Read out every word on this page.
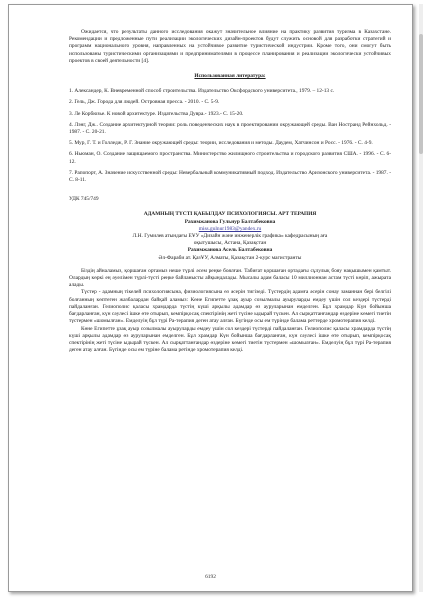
Ожидается, что результаты данного исследования окажут значительное влияние на практику развития туризма в Казахстане. Рекомендации и предложенные пути реализации экологических дизайн-проектов будут служить основой для разработки стратегий и программ национального уровня, направленных на устойчивое развитие туристической индустрии. Кроме того, они смогут быть использованы туристическими организациями и предпринимателями в процессе планирования и реализации экологически устойчивых проектов в своей деятельности [4].

Использованная литература:

1. Александер, К. Вневременной способ строительства. Издательство Оксфордского университета., 1979. – 12-13 с.

2. Гель, Дж. Города для людей. Островная пресса. - 2010. - С. 5-9.

3. Ле Корбюзье. К новой архитектуре. Издательства Дувра.- 1923.- С. 15-20.

4. Лэнг, Дж.. Создание архитектурной теории: роль поведенческих наук в проектировании окружающей среды. Ван Ностранд Рейнхольд. - 1987. - С. 20-21.

5. Мур, Г. Т. и Голледж, Р. Г. Знание окружающей среды: теории, исследования и методы. Даудем, Хатчинсон и Росс. - 1976. - С. 4-9.

6. Ньюман, О. Создание защищаемого пространства. Министерство жилищного строительства и городского развития США. - 1996. - С. 6-12.

7. Рапопорт, А. Значение искусственной среды: Невербальный коммуникативный подход. Издательство Аризонского университета. - 1987. - С. 8-11.

УДК 745/749
АДАМНЫҢ ТҮСТІ ҚАБЫЛДАУ ПСИХОЛОГИЯСЫ. АРТ ТЕРАПИЯ
Рахимжанова Гульнур Балтабековна
miss.gulnur1983@yandex.ru
Л.Н. Гумилев атындағы ЕҰУ «Дизайн және инженерлік графика» кафедрасының аға
оқытушысы, Астана, Қазақстан
Рахимжанова Асель Балтабековна
Әл-Фараби ат. ҚазҰУ, Алматы, Қазақстан 2-курс магистранты

Біздің айналамыз, қоршаған ортамыз неше түрлі әсем реңке боялған. Табиғат қоршаған ортадағы сұлулық бояу нақышымен қамтыт. Олардың көркі ең әуелімен түрлі-түсті реңке байланысты айқындалады. Мысалы адам баласы 10 миллионнан астам түсті көріп, ажырата алады.

Түстер - адамның тікелей психологиясына, физиологиясына өз әсерін тигізеді. Түстердің адамға әсерін сонау заманнан бері белгілі болғанның көптеген жазбалардан байқай аламыз: Көне Египетте ұзақ ауыр созылмалы ауыруларды емдеу үшін сол кездері түстерді пайдаланған. Гелиополис қаласы храмдарда түстің күші арқылы адамдар өз ауруларынан емделген. Бұл храмдар Күн бойынша бағдарланған, күн сәулесі ішке өте отырып, кемпірқосақ спектірінің жеті түсіне ыдырай түскен. Ал сырқаттанғандар өздеріне көмегі тиетін түстермен «шомылған». Емделуің бұл түрі Ра-терапия деген атау алған. Бүгінде осы ем түрінде балама реттерде хромотерапия келді.

Көне Египетте ұзақ ауыр созылмалы ауыруларды емдеу үшін сол кездері түстерді пайдаланған. Гелиополис қаласы храмдарда түстің күші арқылы адамдар өз ауруларынан емделген. Бұл храмдар Күн бойынша бағдарланған, күн сәулесі ішке өте отырып, кемпірқосақ спектірінің жеті түсіне ыдырай түскен. Ал сырқаттанғандар өздеріне көмегі тиетін түстермен «шомылған». Емделуің бұл түрі Ра-терапия деген атау алған. Бүгінде осы ем түріне балама ретінде хромотерапия келді.

6192
